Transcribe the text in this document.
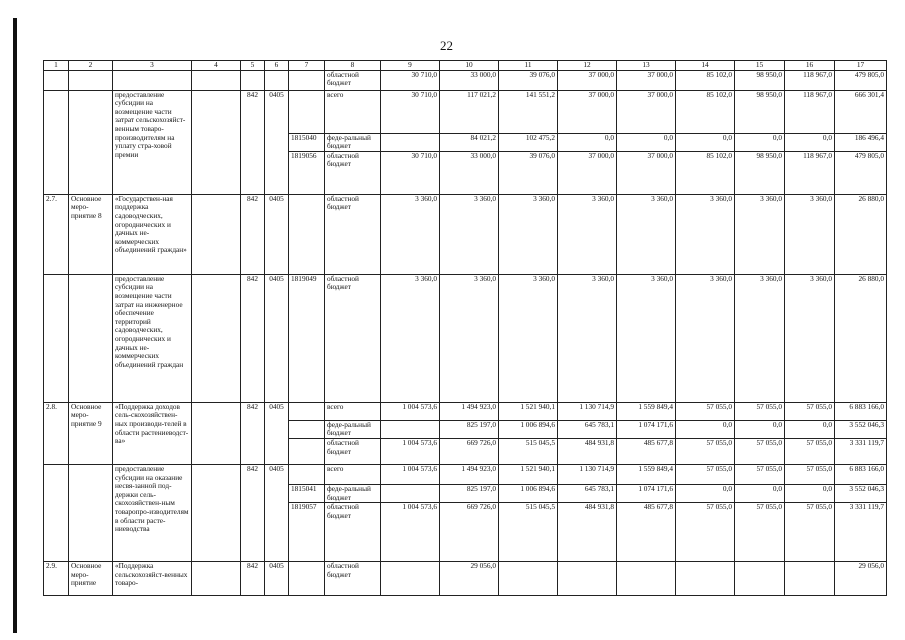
22
1	2	3	4	5	6	7	8	9	10	11	12	13	14	15	16	17
							областной бюджет	30 710,0	33 000,0	39 076,0	37 000,0	37 000,0	85 102,0	98 950,0	118 967,0	479 805,0
		предоставление субсидии на возмещение части затрат сельскохозяйст-венным товаро-производителям на уплату стра-ховой премии		842	0405		всего	30 710,0	117 021,2	141 551,2	37 000,0	37 000,0	85 102,0	98 950,0	118 967,0	666 301,4
						1815040	феде-ральный бюджет		84 021,2	102 475,2	0,0	0,0	0,0	0,0	0,0	186 496,4
						1819056	областной бюджет	30 710,0	33 000,0	39 076,0	37 000,0	37 000,0	85 102,0	98 950,0	118 967,0	479 805,0
2.7.	Основное меро-приятие 8	«Государствен-ная поддержка садоводческих, огороднических и дачных не-коммерческих объединений граждан»		842	0405		областной бюджет	3 360,0	3 360,0	3 360,0	3 360,0	3 360,0	3 360,0	3 360,0	3 360,0	26 880,0
		предоставление субсидии на возмещение части затрат на инженерное обеспечение территорий садоводческих, огороднических и дачных не-коммерческих объединений граждан		842	0405	1819049	областной бюджет	3 360,0	3 360,0	3 360,0	3 360,0	3 360,0	3 360,0	3 360,0	3 360,0	26 880,0
2.8.	Основное меро-приятие 9	«Поддержка доходов сель-скохозяйствен-ных производи-телей в области растениеводст-ва»		842	0405		всего	1 004 573,6	1 494 923,0	1 521 940,1	1 130 714,9	1 559 849,4	57 055,0	57 055,0	57 055,0	6 883 166,0
							феде-ральный бюджет		825 197,0	1 006 894,6	645 783,1	1 074 171,6	0,0	0,0	0,0	3 552 046,3
							областной бюджет	1 004 573,6	669 726,0	515 045,5	484 931,8	485 677,8	57 055,0	57 055,0	57 055,0	3 331 119,7
		предоставление субсидии на оказание несвя-занной под-держки сель-скохозяйствен-ным товаропро-изводителям в области расте-ниеводства		842	0405		всего	1 004 573,6	1 494 923,0	1 521 940,1	1 130 714,9	1 559 849,4	57 055,0	57 055,0	57 055,0	6 883 166,0
						1815041	феде-ральный бюджет		825 197,0	1 006 894,6	645 783,1	1 074 171,6	0,0	0,0	0,0	3 552 046,3
						1819057	областной бюджет	1 004 573,6	669 726,0	515 045,5	484 931,8	485 677,8	57 055,0	57 055,0	57 055,0	3 331 119,7
2.9.	Основное меро-приятие	«Поддержка сельскохозяйст-венных товаро-		842	0405		областной бюджет		29 056,0							29 056,0
